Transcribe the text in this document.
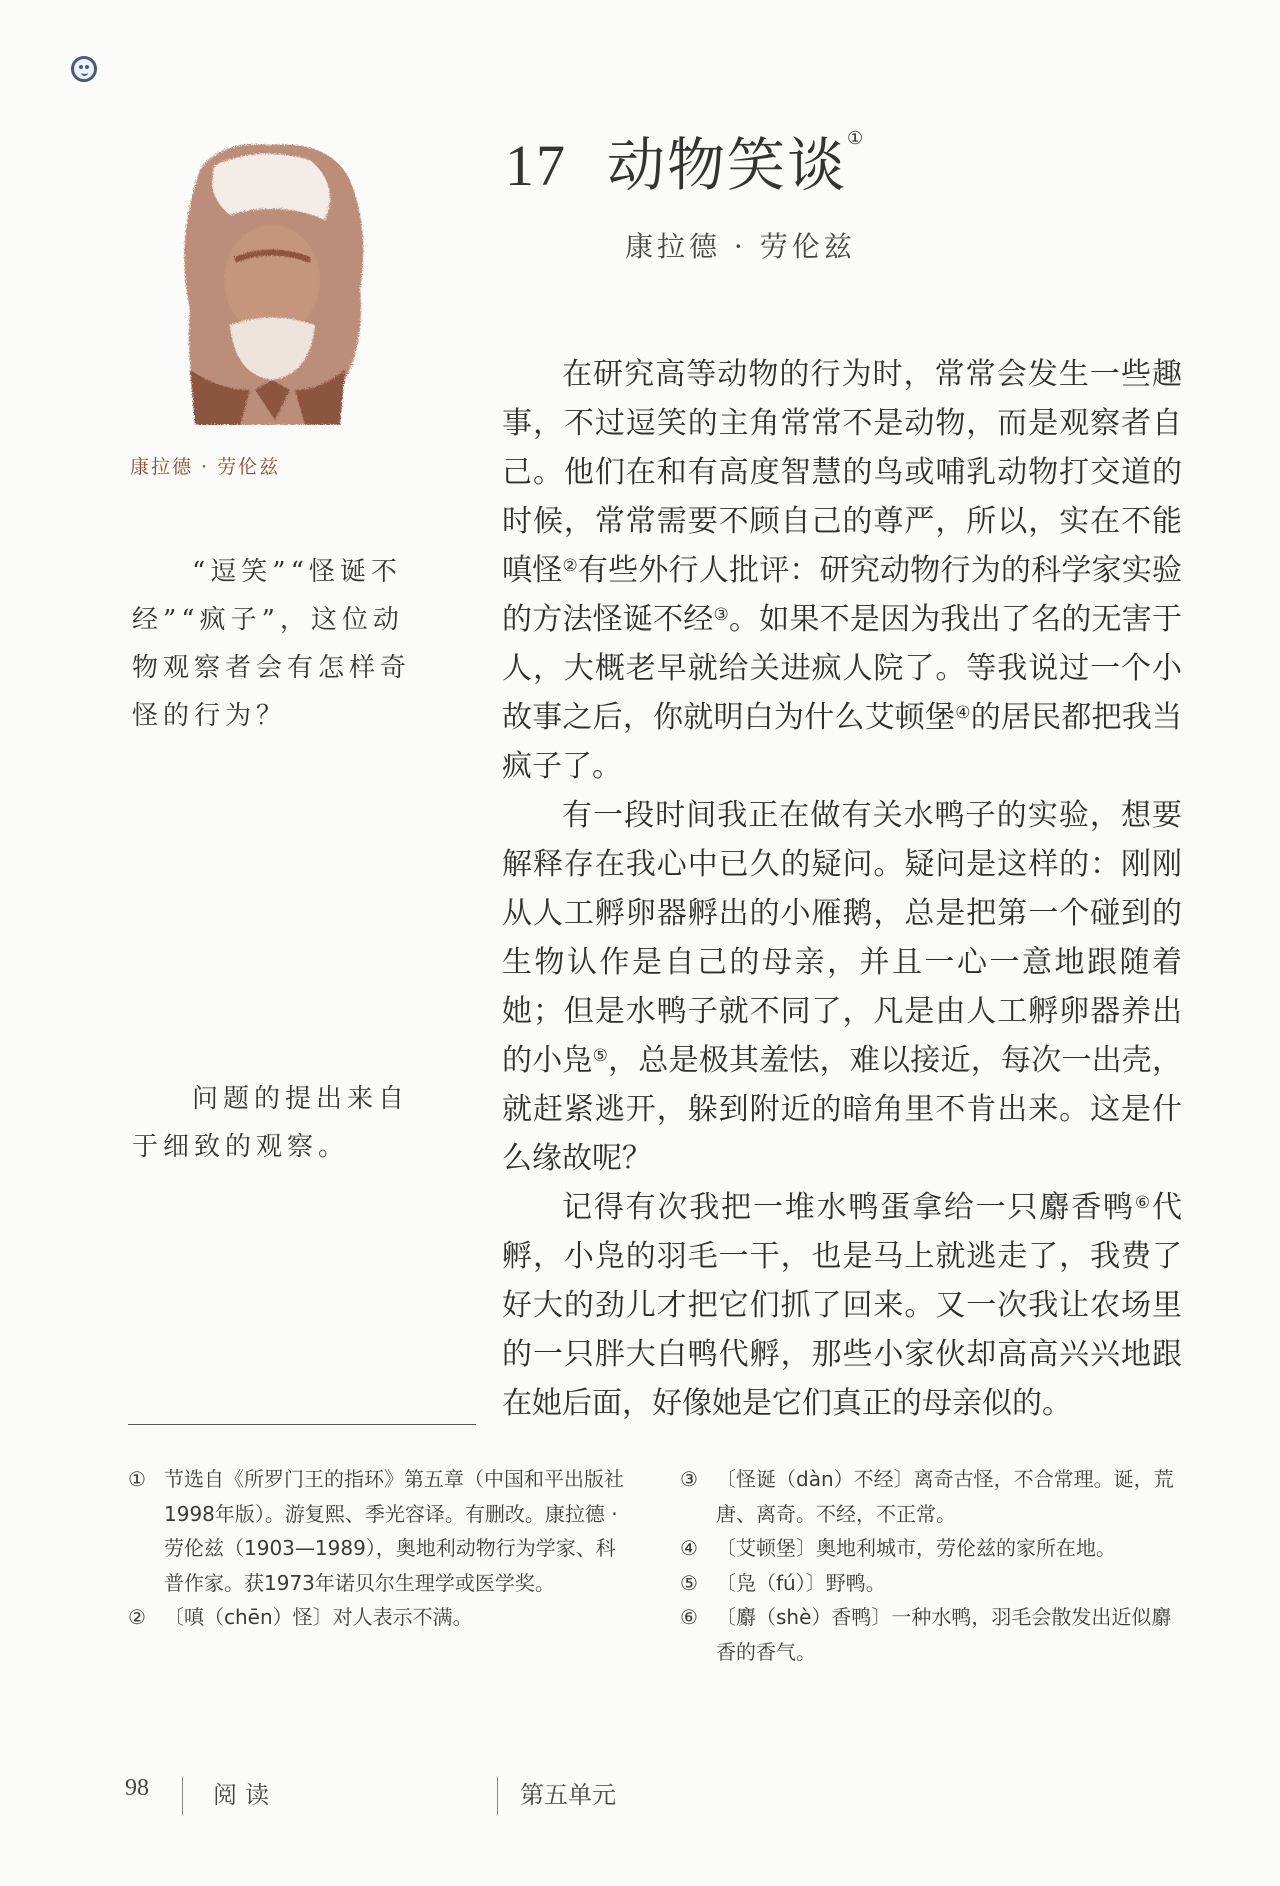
康拉德 · 劳伦兹
17 动物笑谈①
康拉德 · 劳伦兹

在研究高等动物的行为时，常常会发生一些趣事，不过逗笑的主角常常不是动物，而是观察者自己。他们在和有高度智慧的鸟或哺乳动物打交道的时候，常常需要不顾自己的尊严，所以，实在不能嗔怪②有些外行人批评：研究动物行为的科学家实验的方法怪诞不经③。如果不是因为我出了名的无害于人，大概老早就给关进疯人院了。等我说过一个小故事之后，你就明白为什么艾顿堡④的居民都把我当疯子了。

有一段时间我正在做有关水鸭子的实验，想要解释存在我心中已久的疑问。疑问是这样的：刚刚从人工孵卵器孵出的小雁鹅，总是把第一个碰到的生物认作是自己的母亲，并且一心一意地跟随着她；但是水鸭子就不同了，凡是由人工孵卵器养出的小凫⑤，总是极其羞怯，难以接近，每次一出壳，就赶紧逃开，躲到附近的暗角里不肯出来。这是什么缘故呢？

记得有次我把一堆水鸭蛋拿给一只麝香鸭⑥代孵，小凫的羽毛一干，也是马上就逃走了，我费了好大的劲儿才把它们抓了回来。又一次我让农场里的一只胖大白鸭代孵，那些小家伙却高高兴兴地跟在她后面，好像她是它们真正的母亲似的。

“逗笑”“怪诞不经”“疯子”，这位动物观察者会有怎样奇怪的行为？

问题的提出来自于细致的观察。

① 节选自《所罗门王的指环》第五章（中国和平出版社1998年版）。游复熙、季光容译。有删改。康拉德 · 劳伦兹（1903—1989），奥地利动物行为学家、科普作家。获1973年诺贝尔生理学或医学奖。
② 〔嗔（chēn）怪〕对人表示不满。
③ 〔怪诞（dàn）不经〕离奇古怪，不合常理。诞，荒唐、离奇。不经，不正常。
④ 〔艾顿堡〕奥地利城市，劳伦兹的家所在地。
⑤ 〔凫（fú）〕野鸭。
⑥ 〔麝（shè）香鸭〕一种水鸭，羽毛会散发出近似麝香的香气。
98	阅读	第五单元
